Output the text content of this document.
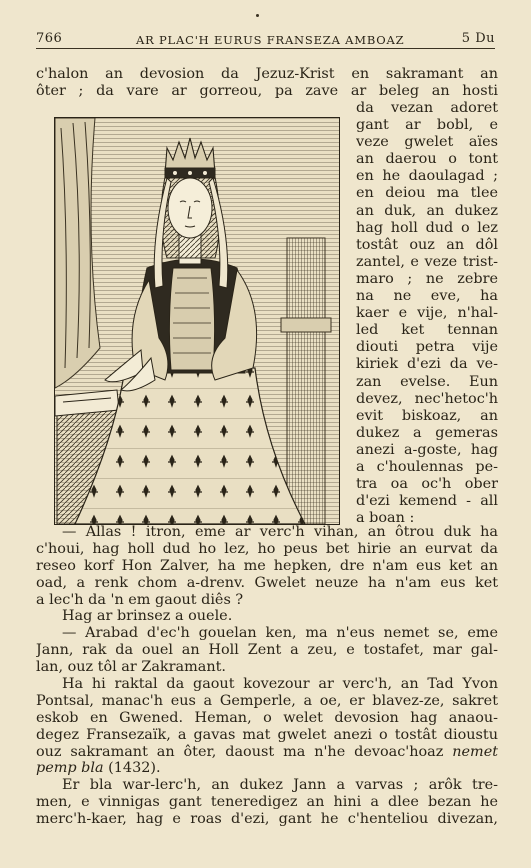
766	AR PLAC'H EURUS FRANSEZA AMBOAZ	5 Du
c'halon an devosion da Jezuz-Krist en sakramant an
ôter ; da vare ar gorreou, pa zave ar beleg an hosti
da vezan adoret
gant ar bobl, e
veze gwelet aïes
an daerou o tont
en he daoulagad ;
en deiou ma tlee
an duk, an dukez
hag holl dud o lez
tostât ouz an dôl
zantel, e veze trist-
maro ; ne zebre
na ne eve, ha
kaer e vije, n'hal-
led ket tennan
diouti petra vije
kiriek d'ezi da ve-
zan evelse. Eun
devez, nec'hetoc'h
evit biskoaz, an
dukez a gemeras
anezi a-goste, hag
a c'houlennas pe-
tra oa oc'h ober
d'ezi kemend - all
a boan :
— Allas ! itron, eme ar verc'h vihan, an ôtrou duk ha
c'houi, hag holl dud ho lez, ho peus bet hirie an eurvat da
reseo korf Hon Zalver, ha me hepken, dre n'am eus ket an
oad, a renk chom a-drenv. Gwelet neuze ha n'am eus ket
a lec'h da 'n em gaout diês ?
Hag ar brinsez a ouele.
— Arabad d'ec'h gouelan ken, ma n'eus nemet se, eme
Jann, rak da ouel an Holl Zent a zeu, e tostafet, mar gal-
lan, ouz tôl ar Zakramant.
Ha hi raktal da gaout kovezour ar verc'h, an Tad Yvon
Pontsal, manac'h eus a Gemperle, a oe, er blavez-ze, sakret
eskob en Gwened. Heman, o welet devosion hag anaou-
degez Fransezaïk, a gavas mat gwelet anezi o tostât dioustu
ouz sakramant an ôter, daoust ma n'he devoac'hoaz nemet
pemp bla (1432).
Er bla war-lerc'h, an dukez Jann a varvas ; arôk tre-
men, e vinnigas gant teneredigez an hini a dlee bezan he
merc'h-kaer, hag e roas d'ezi, gant he c'hentеliou divezan,
